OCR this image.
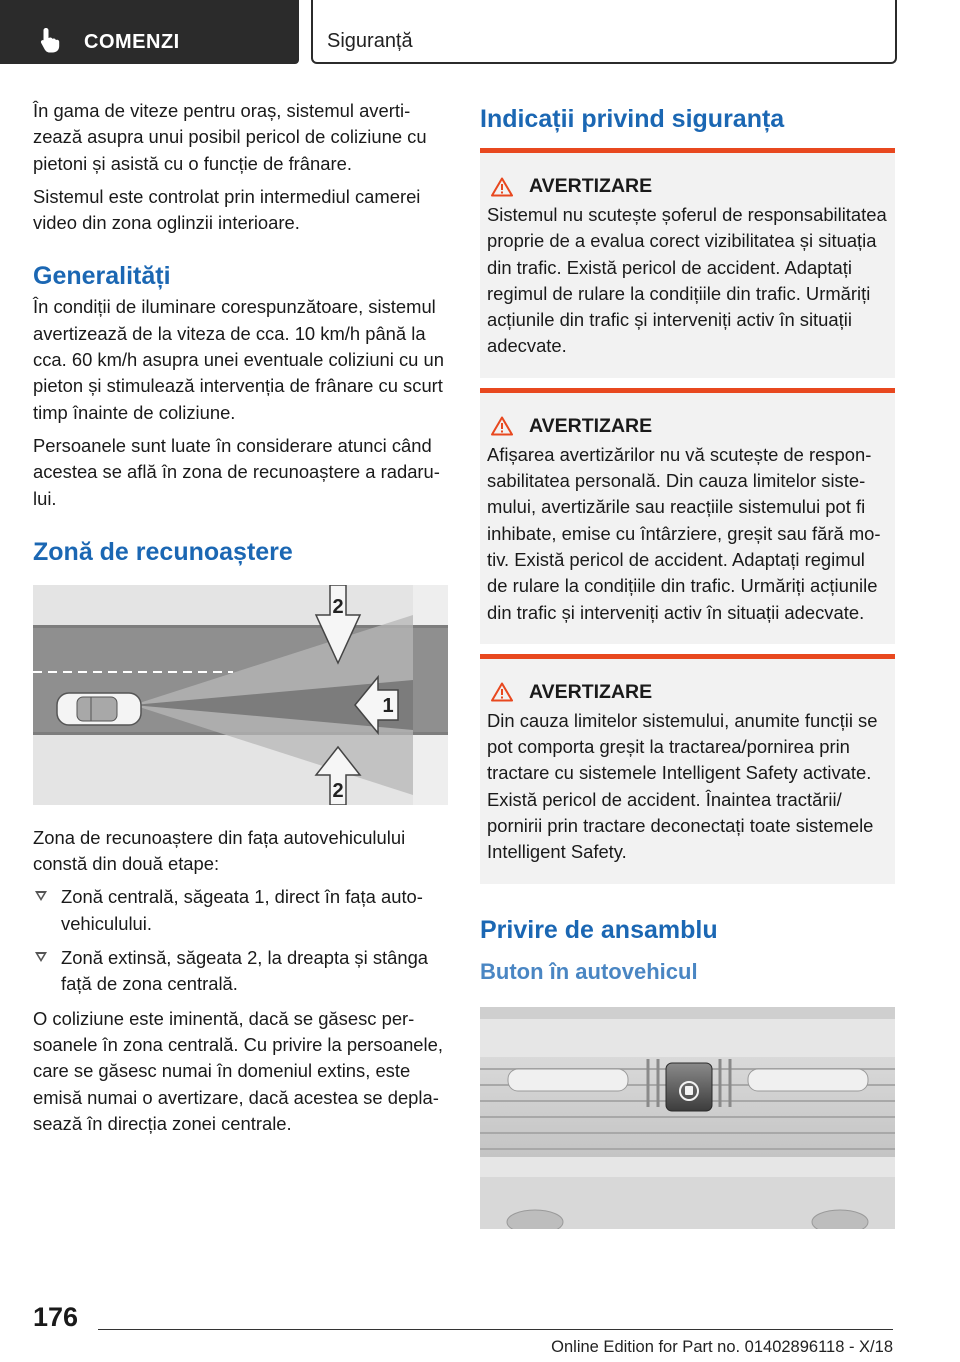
COMENZI	Siguranță

În gama de viteze pentru oraș, sistemul avertizează asupra unui posibil pericol de coliziune cu pietoni și asistă cu o funcție de frânare.

Sistemul este controlat prin intermediul camerei video din zona oglinzii interioare.

Generalități

În condiții de iluminare corespunzătoare, sistemul avertizează de la viteza de cca. 10 km/h până la cca. 60 km/h asupra unei eventuale coliziuni cu un pieton și stimulează intervenția de frânare cu scurt timp înainte de coliziune.

Persoanele sunt luate în considerare atunci când acestea se află în zona de recunoaștere a radarului.

Zonă de recunoaștere
2
1
2

Zona de recunoaștere din fața autovehiculului constă din două etape:

Zonă centrală, săgeata 1, direct în fața autovehiculului.

Zonă extinsă, săgeata 2, la dreapta și stânga față de zona centrală.

O coliziune este iminentă, dacă se găsesc persoanele în zona centrală. Cu privire la persoanele, care se găsesc numai în domeniul extins, este emisă numai o avertizare, dacă acestea se deplasează în direcția zonei centrale.

Indicații privind siguranța
AVERTIZARE

Sistemul nu scutește șoferul de responsabilitatea proprie de a evalua corect vizibilitatea și situația din trafic. Există pericol de accident. Adaptați regimul de rulare la condițiile din trafic. Urmăriți acțiunile din trafic și interveniți activ în situații adecvate.

AVERTIZARE

Afișarea avertizărilor nu vă scutește de responsabilitatea personală. Din cauza limitelor sistemului, avertizările sau reacțiile sistemului pot fi inhibate, emise cu întârziere, greșit sau fără motiv. Există pericol de accident. Adaptați regimul de rulare la condițiile din trafic. Urmăriți acțiunile din trafic și interveniți activ în situații adecvate.

AVERTIZARE

Din cauza limitelor sistemului, anumite funcții se pot comporta greșit la tractarea/pornirea prin tractare cu sistemele Intelligent Safety activate. Există pericol de accident. Înaintea tractării/ pornirii prin tractare deconectați toate sistemele Intelligent Safety.

Privire de ansamblu
Buton în autovehicul
176
Online Edition for Part no. 01402896118 - X/18
